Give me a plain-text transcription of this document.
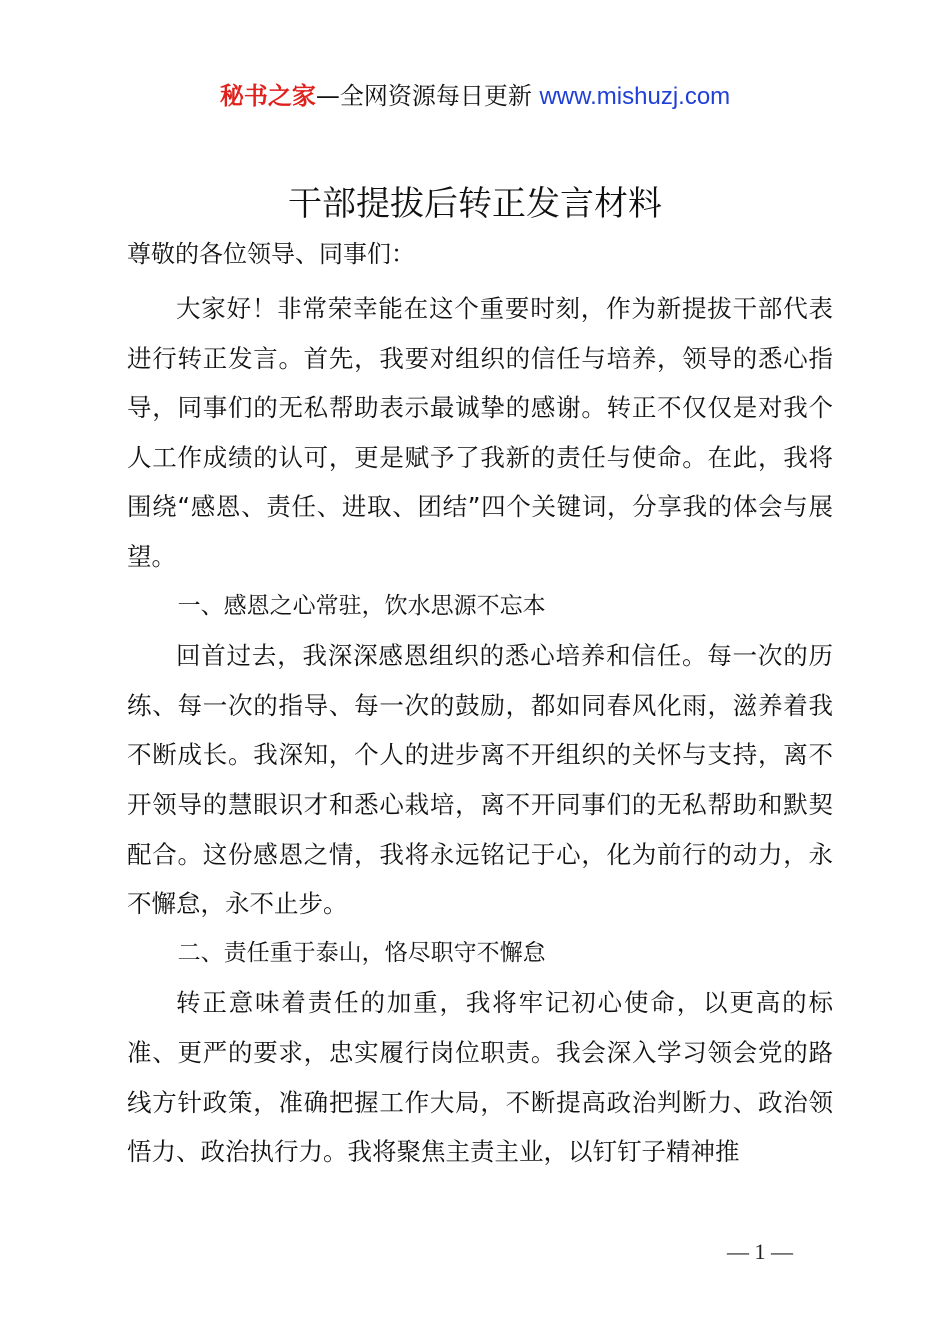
秘书之家—全网资源每日更新 www.mishuzj.com
干部提拔后转正发言材料

尊敬的各位领导、同事们：

大家好！非常荣幸能在这个重要时刻，作为新提拔干部代表进行转正发言。首先，我要对组织的信任与培养，领导的悉心指导，同事们的无私帮助表示最诚挚的感谢。转正不仅仅是对我个人工作成绩的认可，更是赋予了我新的责任与使命。在此，我将围绕“感恩、责任、进取、团结”四个关键词，分享我的体会与展望。

一、感恩之心常驻，饮水思源不忘本

回首过去，我深深感恩组织的悉心培养和信任。每一次的历练、每一次的指导、每一次的鼓励，都如同春风化雨，滋养着我不断成长。我深知，个人的进步离不开组织的关怀与支持，离不开领导的慧眼识才和悉心栽培，离不开同事们的无私帮助和默契配合。这份感恩之情，我将永远铭记于心，化为前行的动力，永不懈怠，永不止步。

二、责任重于泰山，恪尽职守不懈怠

转正意味着责任的加重，我将牢记初心使命，以更高的标准、更严的要求，忠实履行岗位职责。我会深入学习领会党的路线方针政策，准确把握工作大局，不断提高政治判断力、政治领悟力、政治执行力。我将聚焦主责主业，以钉钉子精神推

— 1 —
